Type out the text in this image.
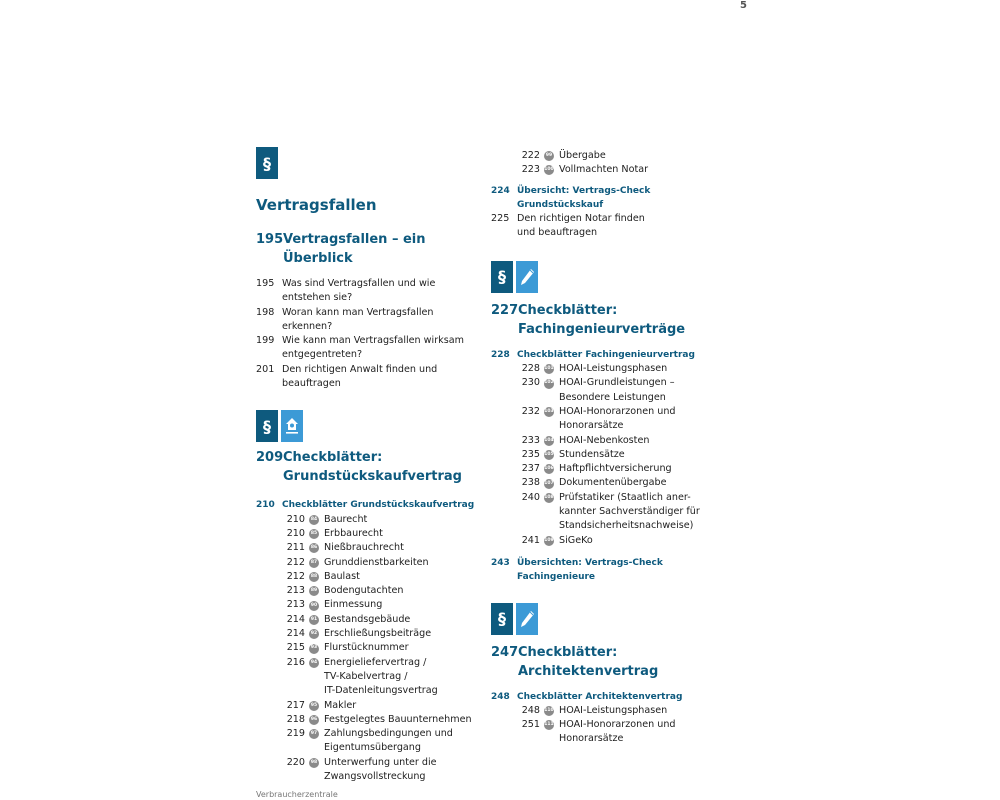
5
§
Vertragsfallen
195 Vertragsfallen – ein Überblick
195 Was sind Vertragsfallen und wie
entstehen sie?
198 Woran kann man Vertragsfallen erkennen?
199 Wie kann man Vertragsfallen wirksam
entgegentreten?
201 Den richtigen Anwalt finden und
beauftragen
§
209 Checkblätter:
Grundstückskaufvertrag
210 Checkblätter Grundstückskaufvertrag
210	84 Baurecht
210	85 Erbbaurecht
211	86 Nießbrauchrecht
212	87 Grunddienstbarkeiten
212	88 Baulast
213	89 Bodengutachten
213	90 Einmessung
214	91 Bestandsgebäude
214	92 Erschließungsbeiträge
215	93 Flurstücknummer
216	94 Energieliefervertrag /
TV-Kabelvertrag /
IT-Datenleitungsvertrag
217	95 Makler
218	96 Festgelegtes Bauunternehmen
219	97 Zahlungsbedingungen und
Eigentumsübergang
220	98 Unterwerfung unter die
Zwangsvollstreckung
222	99 Übergabe
223 100 Vollmachten Notar
224 Übersicht: Vertrags-Check
Grundstückskauf
225 Den richtigen Notar finden
und beauftragen
§
227 Checkblätter:
Fachingenieurverträge
228 Checkblätter Fachingenieurvertrag
228 101 HOAI-Leistungsphasen
230 102 HOAI-Grundleistungen –
Besondere Leistungen
232 103 HOAI-Honorarzonen und
Honorarsätze
233 104 HOAI-Nebenkosten
235 105 Stundensätze
237 106 Haftpflichtversicherung
238 107 Dokumentenübergabe
240 108 Prüfstatiker (Staatlich aner-
kannter Sachverständiger für
Standsicherheitsnachweise)
241 109 SiGeKo
243 Übersichten: Vertrags-Check
Fachingenieure
§
247 Checkblätter:
Architektenvertrag
248 Checkblätter Architektenvertrag
248 110 HOAI-Leistungsphasen
251 111 HOAI-Honorarzonen und
Honorarsätze
Verbraucherzentrale
